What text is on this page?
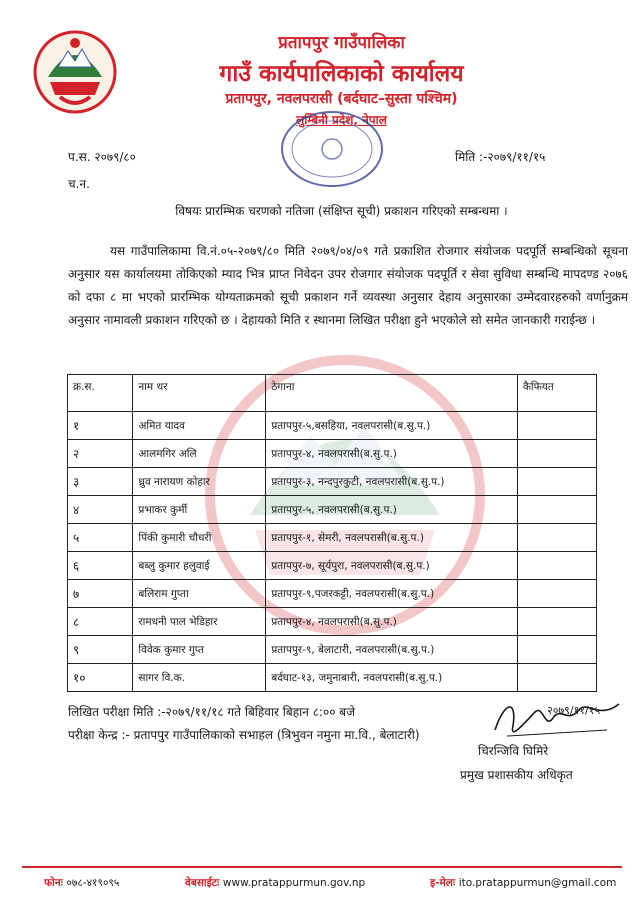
प्रतापपुर गाउँपालिका
गाउँ कार्यपालिकाको कार्यालय
प्रतापपुर, नवलपरासी (बर्दघाट–सुस्ता पश्चिम)
लुम्बिनी प्रदेश, नेपाल
प.स. २०७९/८०	मिति :-२०७९/११/१५
च.न.
विषयः प्रारम्भिक चरणको नतिजा (संक्षिप्त सूची) प्रकाशन गरिएको सम्बन्धमा ।
यस गाउँपालिकामा वि.नं.०५-२०७९/८० मिति २०७९/०४/०९ गते प्रकाशित रोजगार संयोजक पदपूर्ति सम्बन्धिको सूचना अनुसार यस कार्यालयमा तोकिएको म्याद भित्र प्राप्त निवेदन उपर रोजगार संयोजक पदपूर्ति र सेवा सुविधा सम्बन्धि मापदण्ड २०७६ को दफा ८ मा भएको प्रारम्भिक योग्यताक्रमको सूची प्रकाशन गर्ने व्यवस्था अनुसार देहाय अनुसारका उम्मेदवारहरुको वर्णानुक्रम अनुसार नामावली प्रकाशन गरिएको छ । देहायको मिति र स्थानमा लिखित परीक्षा हुने भएकोले सो समेत जानकारी गराईन्छ ।
क्र.स.	नाम थर	ठेगाना	कैफियत
१	अमित यादव	प्रतापपुर-५,बसहिया, नवलपरासी(ब.सु.प.)	
२	आलमगिर अलि	प्रतापपुर-४, नवलपरासी(ब.सु.प.)	
३	ध्रुव नारायण कोहार	प्रतापपुर-३, नन्दपुरकुटी, नवलपरासी(ब.सु.प.)	
४	प्रभाकर कुर्मी	प्रतापपुर-५, नवलपरासी(ब.सु.प.)	
५	पिंकी कुमारी चौधरी	प्रतापपुर-१, सेमरी, नवलपरासी(ब.सु.प.)	
६	बब्लु कुमार हलुवाई	प्रतापपुर-७, सूर्यपुरा, नवलपरासी(ब.सु.प.)	
७	बलिराम गुप्ता	प्रतापपुर-९,पजरकट्टी, नवलपरासी(ब.सु.प.)	
८	रामधनी पाल भेडिहार	प्रतापपुर-४, नवलपरासी(ब.सु.प.)	
९	विवेक कुमार गुप्त	प्रतापपुर-९, बेलाटारी, नवलपरासी(ब.सु.प.)	
१०	सागर वि.क.	बर्दघाट-१३, जमुनाबारी, नवलपरासी(ब.सु.प.)	
लिखित परीक्षा मिति :-२०७९/११/१८ गते बिहिवार बिहान ८:०० बजे
परीक्षा केन्द्र :- प्रतापपुर गाउँपालिकाको सभाहल (त्रिभुवन नमुना मा.वि., बेलाटारी)
२०७९/११/१५
चिरन्जिवि घिमिरे
प्रमुख प्रशासकीय अधिकृत
फोनः ०७८-४१९०९५	वेबसाईटः www.pratappurmun.gov.np	इ-मेलः ito.pratappurmun@gmail.com
